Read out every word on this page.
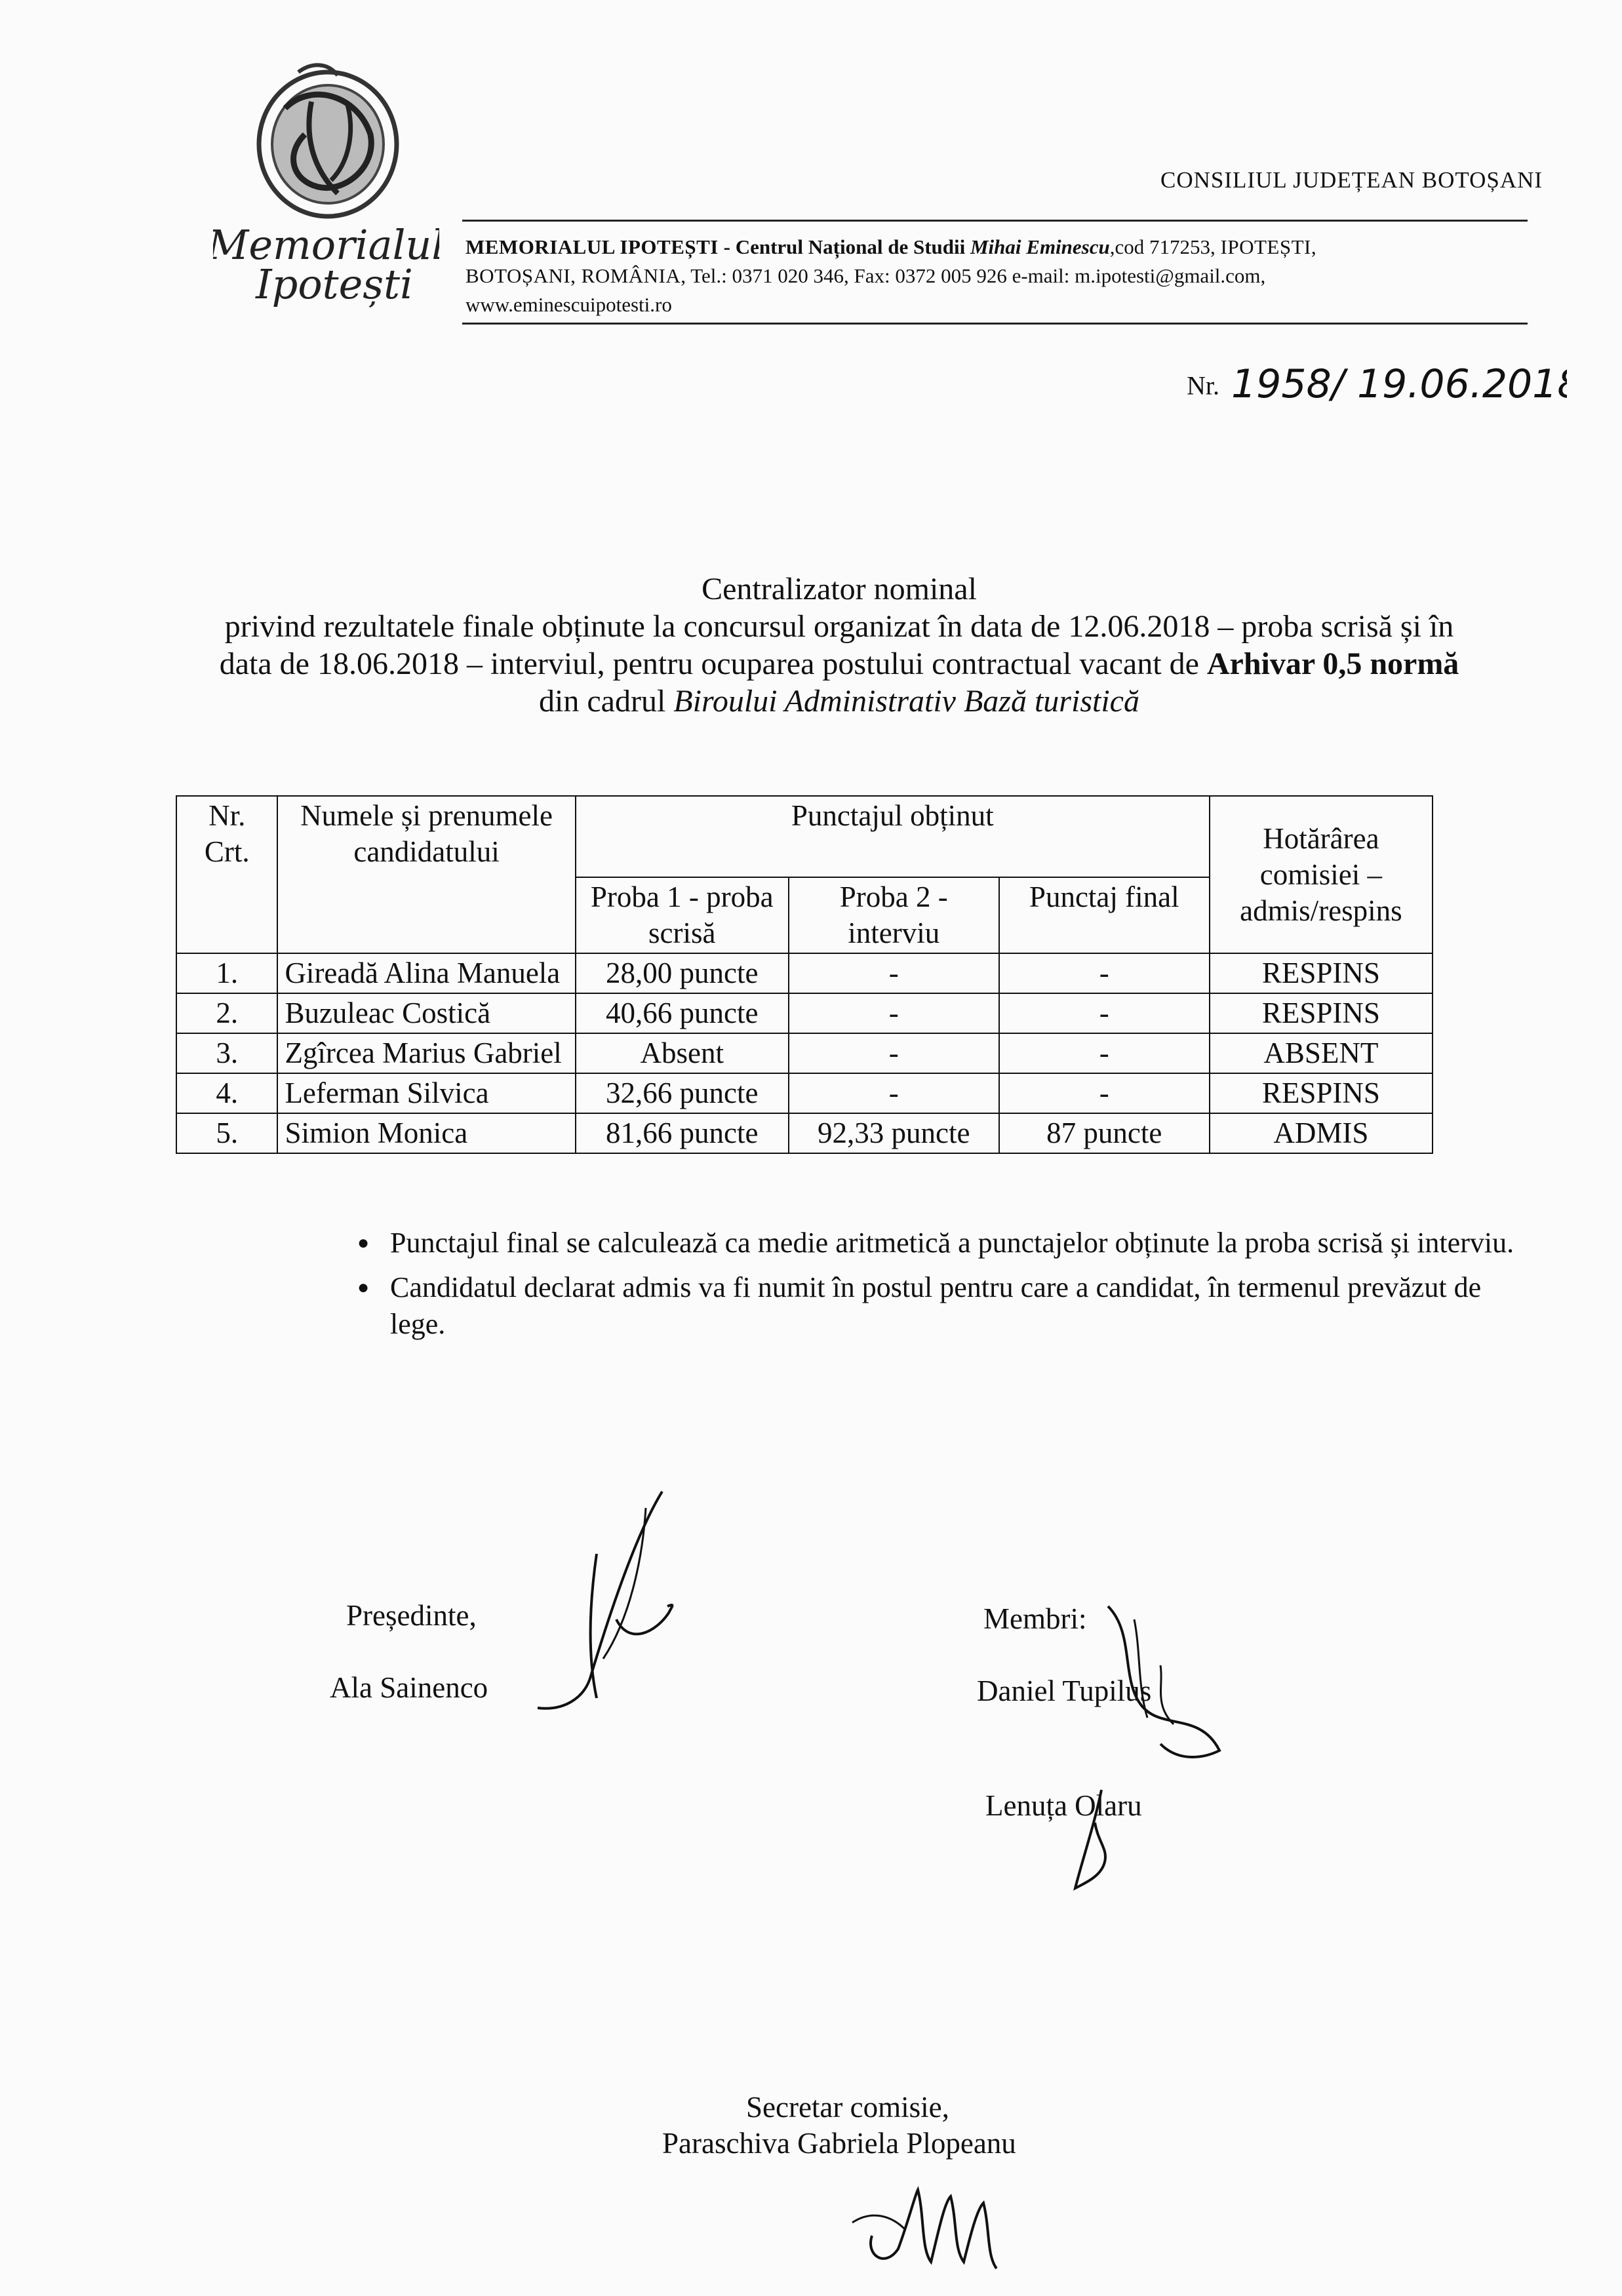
Memorialul
Ipotești
CONSILIUL JUDEȚEAN BOTOȘANI

MEMORIALUL IPOTEȘTI - Centrul Național de Studii Mihai Eminescu,cod 717253, IPOTEȘTI,

BOTOȘANI, ROMÂNIA, Tel.: 0371 020 346, Fax: 0372 005 926 e-mail: m.ipotesti@gmail.com,

www.eminescuipotesti.ro

Nr. 1958/ 19.06.2018

Centralizator nominal

privind rezultatele finale obținute la concursul organizat în data de 12.06.2018 – proba scrisă și în

data de 18.06.2018 – interviul, pentru ocuparea postului contractual vacant de Arhivar 0,5 normă

din cadrul Biroului Administrativ Bază turistică

Nr.
Crt.	Numele și prenumele candidatului	Punctajul obținut			Hotărârea comisiei – admis/respins
		Proba 1 - proba scrisă	Proba 2 - interviu	Punctaj final	
1.	Gireadă Alina Manuela	28,00 puncte	-	-	RESPINS
2.	Buzuleac Costică	40,66 puncte	-	-	RESPINS
3.	Zgîrcea Marius Gabriel	Absent	-	-	ABSENT
4.	Leferman Silvica	32,66 puncte	-	-	RESPINS
5.	Simion Monica	81,66 puncte	92,33 puncte	87 puncte	ADMIS
● Punctajul final se calculează ca medie aritmetică a punctajelor obținute la proba scrisă și interviu.
● Candidatul declarat admis va fi numit în postul pentru care a candidat, în termenul prevăzut de lege.
Președinte,
Ala Sainenco
Membri:
Daniel Tupilus
Lenuța Olaru
Secretar comisie,
Paraschiva Gabriela Plopeanu
